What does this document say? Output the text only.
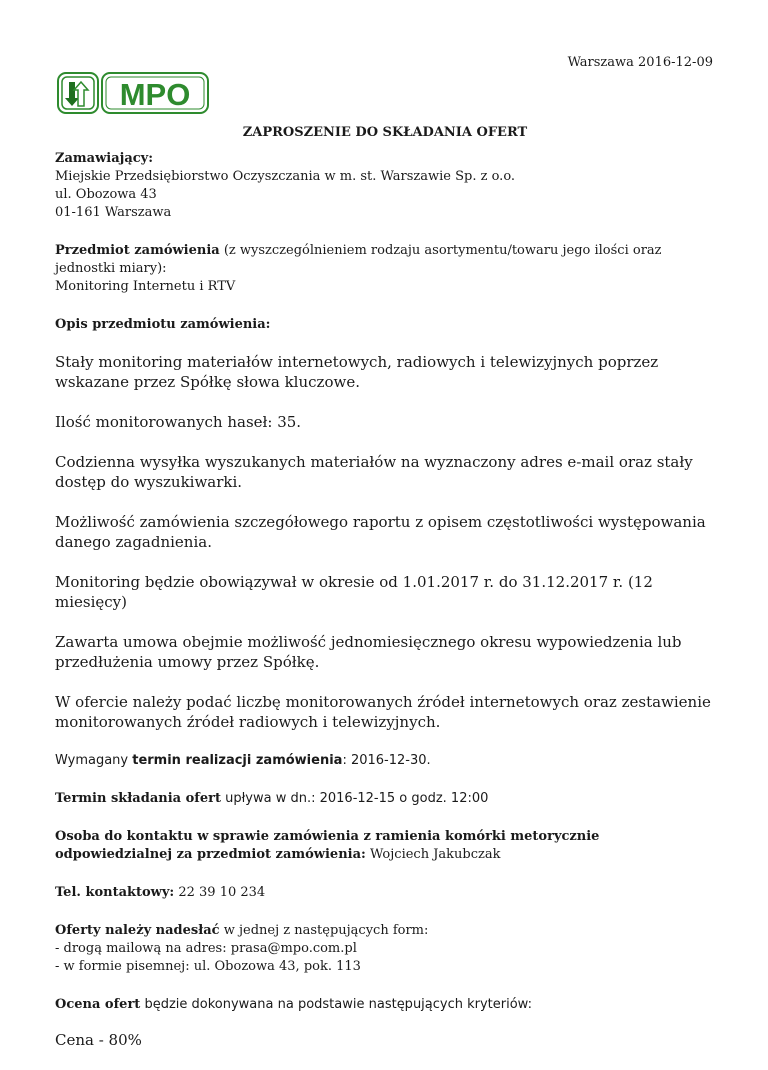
Warszawa 2016-12-09
MPO

ZAPROSZENIE DO SKŁADANIA OFERT

Zamawiający:

Miejskie Przedsiębiorstwo Oczyszczania w m. st. Warszawie Sp. z o.o.

ul. Obozowa 43

01-161 Warszawa

Przedmiot zamówienia (z wyszczególnieniem rodzaju asortymentu/towaru jego ilości oraz jednostki miary):

Monitoring Internetu i RTV

Opis przedmiotu zamówienia:

Stały monitoring materiałów internetowych, radiowych i telewizyjnych poprzez wskazane przez Spółkę słowa kluczowe.

Ilość monitorowanych haseł: 35.

Codzienna wysyłka wyszukanych materiałów na wyznaczony adres e-mail oraz stały dostęp do wyszukiwarki.

Możliwość zamówienia szczegółowego raportu z opisem częstotliwości występowania danego zagadnienia.

Monitoring będzie obowiązywał w okresie od 1.01.2017 r. do 31.12.2017 r. (12 miesięcy)

Zawarta umowa obejmie możliwość jednomiesięcznego okresu wypowiedzenia lub przedłużenia umowy przez Spółkę.

W ofercie należy podać liczbę monitorowanych źródeł internetowych oraz zestawienie monitorowanych źródeł radiowych i telewizyjnych.

Wymagany termin realizacji zamówienia: 2016-12-30.

Termin składania ofert upływa w dn.: 2016-12-15 o godz. 12:00

Osoba do kontaktu w sprawie zamówienia z ramienia komórki metorycznie odpowiedzialnej za przedmiot zamówienia: Wojciech Jakubczak

Tel. kontaktowy: 22 39 10 234

Oferty należy nadesłać w jednej z następujących form:

- drogą mailową na adres: prasa@mpo.com.pl

- w formie pisemnej: ul. Obozowa 43, pok. 113

Ocena ofert będzie dokonywana na podstawie następujących kryteriów:

Cena - 80%
